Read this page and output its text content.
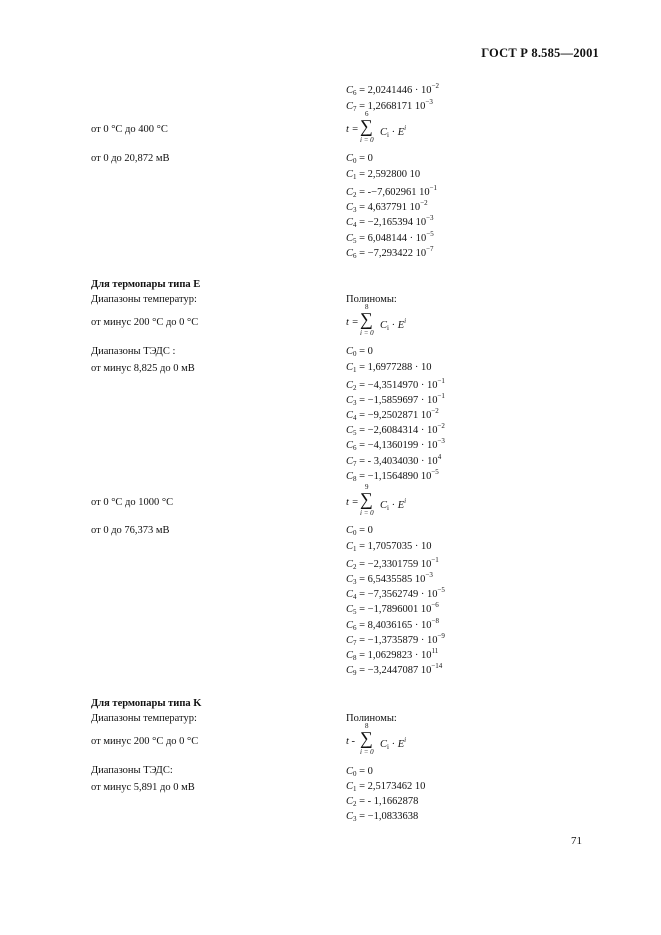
ГОСТ Р 8.585—2001
от 0 °С до 400 °С
от 0 до 20,872 мВ
Для термопары типа E
Диапазоны температур:
от минус 200 °С до 0 °С
Диапазоны ТЭДС :
от минус 8,825 до 0 мВ
от 0 °С до 1000 °С
от 0 до 76,373 мВ
Для термопары типа K
Диапазоны температур:
от минус 200 °С до 0 °С
Диапазоны ТЭДС:
от минус 5,891 до 0 мВ
Полиномы:
Полиномы:
t =
6
∑
i = 0
$C_i \cdot E^i$
t =
8
∑
i = 0
$C_i \cdot E^i$
t =
9
∑
i = 0
$C_i \cdot E^i$
t -
8
∑
i = 0
$C_i \cdot E^i$
$C_6 = 2,0241446 \cdot 10^{-2}$
$C_7 = 1,2668171$ $10^{-3}$
$C_0 = 0$
$C_1 = 2,592800$ 10
$C_2 = --7,602961$ $10^{-1}$
$C_3 = 4,637791$ $10^{-2}$
$C_4 = -2,165394$ $10^{-3}$
$C_5 = 6,048144 \cdot 10^{-5}$
$C_6 = -7,293422$ $10^{-7}$
$C_0 = 0$
$C_1 = 1,6977288 \cdot 10$
$C_2 = -4,3514970 \cdot 10^{-1}$
$C_3 = -1,5859697 \cdot 10^{-1}$
$C_4 = -9,2502871$ $10^{-2}$
$C_5 = -2,6084314 \cdot 10^{-2}$
$C_6 = -4,1360199 \cdot 10^{-3}$
$C_7$ = - $3,4034030 \cdot 10^4$
$C_8 = -1,1564890$ $10^{-5}$
$C_0 = 0$
$C_1 = 1,7057035 \cdot 10$
$C_2 = -2,3301759$ $10^{-1}$
$C_3 = 6,5435585$ $10^{-3}$
$C_4 = -7,3562749 \cdot 10^{-5}$
$C_5 = -1,7896001$ $10^{-6}$
$C_6 = 8,4036165 \cdot 10^{-8}$
$C_7 = -1,3735879 \cdot 10^{-9}$
$C_8 = 1,0629823 \cdot 10^{11}$
$C_9 = -3,2447087$ $10^{-14}$
$C_0 = 0$
$C_1 = 2,5173462$ 10
$C_2$ = - 1,1662878
$C_3 = -1,0833638$
71
